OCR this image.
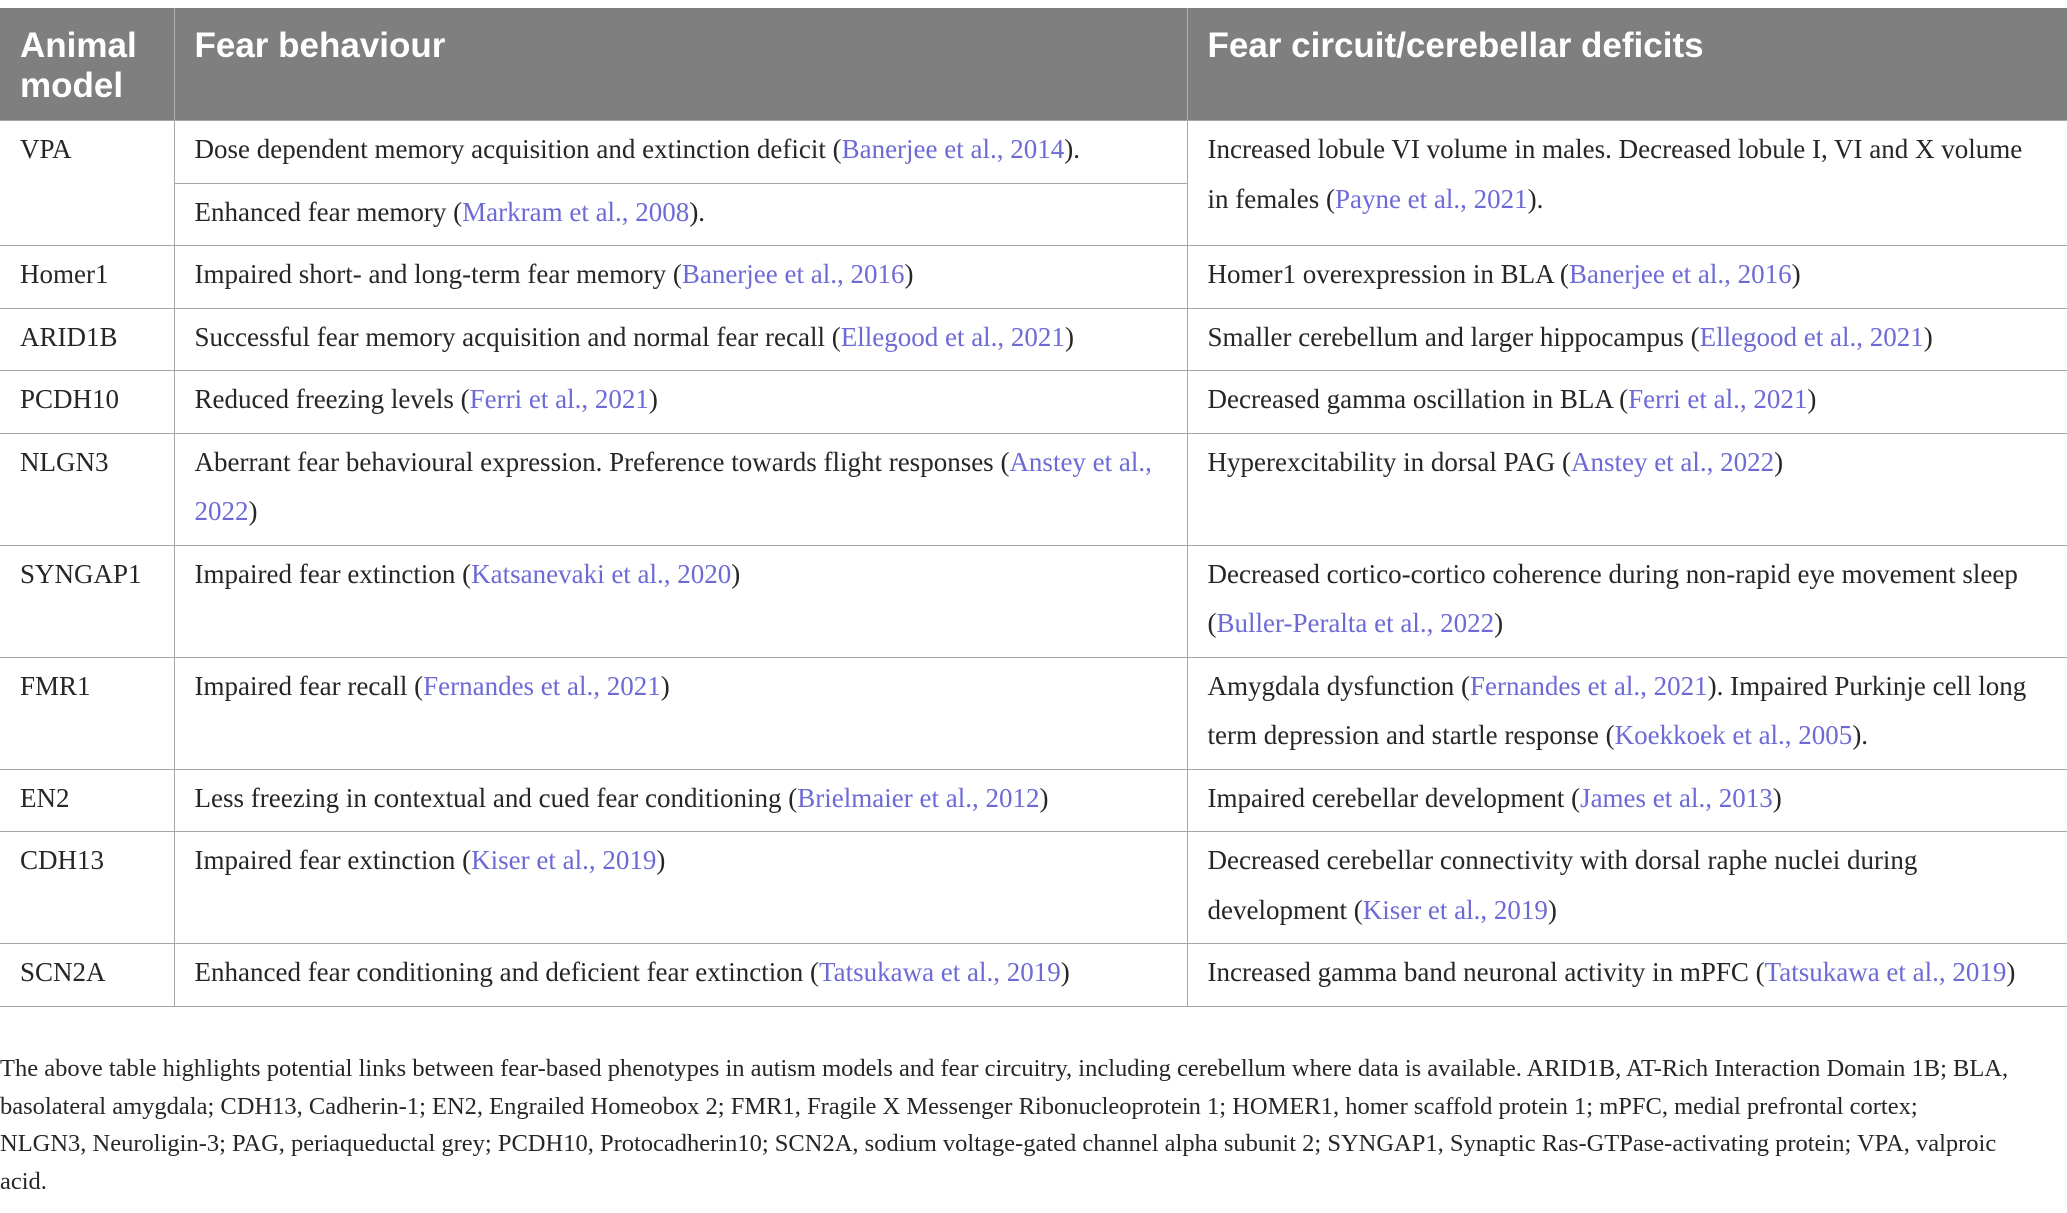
Animal model	Fear behaviour	Fear circuit/cerebellar deficits
VPA	Dose dependent memory acquisition and extinction deficit (Banerjee et al., 2014).	Increased lobule VI volume in males. Decreased lobule I, VI and X volume in females (Payne et al., 2021).
	Enhanced fear memory (Markram et al., 2008).	
Homer1	Impaired short- and long-term fear memory (Banerjee et al., 2016)	Homer1 overexpression in BLA (Banerjee et al., 2016)
ARID1B	Successful fear memory acquisition and normal fear recall (Ellegood et al., 2021)	Smaller cerebellum and larger hippocampus (Ellegood et al., 2021)
PCDH10	Reduced freezing levels (Ferri et al., 2021)	Decreased gamma oscillation in BLA (Ferri et al., 2021)
NLGN3	Aberrant fear behavioural expression. Preference towards flight responses (Anstey et al., 2022)	Hyperexcitability in dorsal PAG (Anstey et al., 2022)
SYNGAP1	Impaired fear extinction (Katsanevaki et al., 2020)	Decreased cortico-cortico coherence during non-rapid eye movement sleep (Buller-Peralta et al., 2022)
FMR1	Impaired fear recall (Fernandes et al., 2021)	Amygdala dysfunction (Fernandes et al., 2021). Impaired Purkinje cell long term depression and startle response (Koekkoek et al., 2005).
EN2	Less freezing in contextual and cued fear conditioning (Brielmaier et al., 2012)	Impaired cerebellar development (James et al., 2013)
CDH13	Impaired fear extinction (Kiser et al., 2019)	Decreased cerebellar connectivity with dorsal raphe nuclei during development (Kiser et al., 2019)
SCN2A	Enhanced fear conditioning and deficient fear extinction (Tatsukawa et al., 2019)	Increased gamma band neuronal activity in mPFC (Tatsukawa et al., 2019)
The above table highlights potential links between fear-based phenotypes in autism models and fear circuitry, including cerebellum where data is available. ARID1B, AT-Rich Interaction Domain 1B; BLA, basolateral amygdala; CDH13, Cadherin-1; EN2, Engrailed Homeobox 2; FMR1, Fragile X Messenger Ribonucleoprotein 1; HOMER1, homer scaffold protein 1; mPFC, medial prefrontal cortex; NLGN3, Neuroligin-3; PAG, periaqueductal grey; PCDH10, Protocadherin10; SCN2A, sodium voltage-gated channel alpha subunit 2; SYNGAP1, Synaptic Ras-GTPase-activating protein; VPA, valproic acid.
